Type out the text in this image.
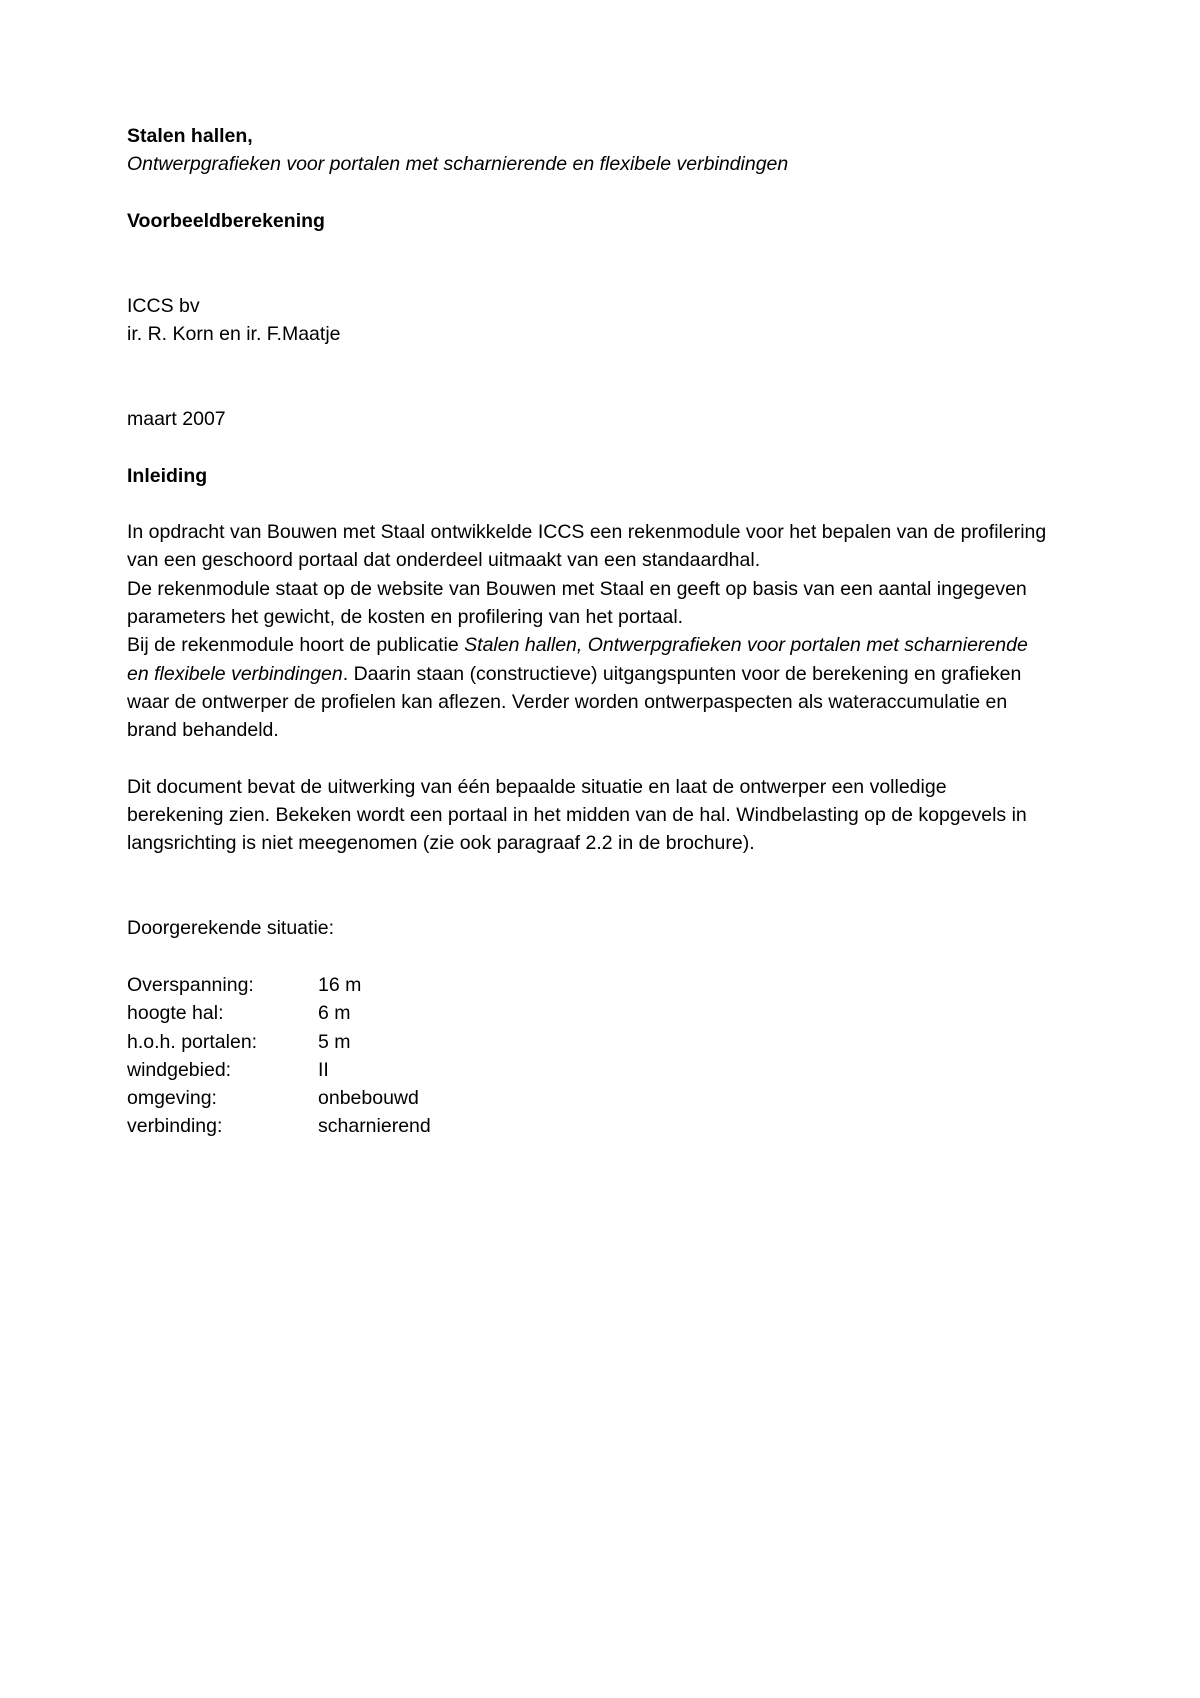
Stalen hallen,

Ontwerpgrafieken voor portalen met scharnierende en flexibele verbindingen

Voorbeeldberekening

ICCS bv

ir. R. Korn en ir. F.Maatje

maart 2007

Inleiding

In opdracht van Bouwen met Staal ontwikkelde ICCS een rekenmodule voor het bepalen van de profilering van een geschoord portaal dat onderdeel uitmaakt van een standaardhal.

De rekenmodule staat op de website van Bouwen met Staal en geeft op basis van een aantal ingegeven parameters het gewicht, de kosten en profilering van het portaal.

Bij de rekenmodule hoort de publicatie Stalen hallen, Ontwerpgrafieken voor portalen met scharnierende en flexibele verbindingen. Daarin staan (constructieve) uitgangspunten voor de berekening en grafieken waar de ontwerper de profielen kan aflezen. Verder worden ontwerpaspecten als wateraccumulatie en brand behandeld.

Dit document bevat de uitwerking van één bepaalde situatie en laat de ontwerper een volledige berekening zien. Bekeken wordt een portaal in het midden van de hal. Windbelasting op de kopgevels in langsrichting is niet meegenomen (zie ook paragraaf 2.2 in de brochure).

Doorgerekende situatie:

Overspanning:	16 m
hoogte hal:	6 m
h.o.h. portalen:	5 m
windgebied:	II
omgeving:	onbebouwd
verbinding:	scharnierend
